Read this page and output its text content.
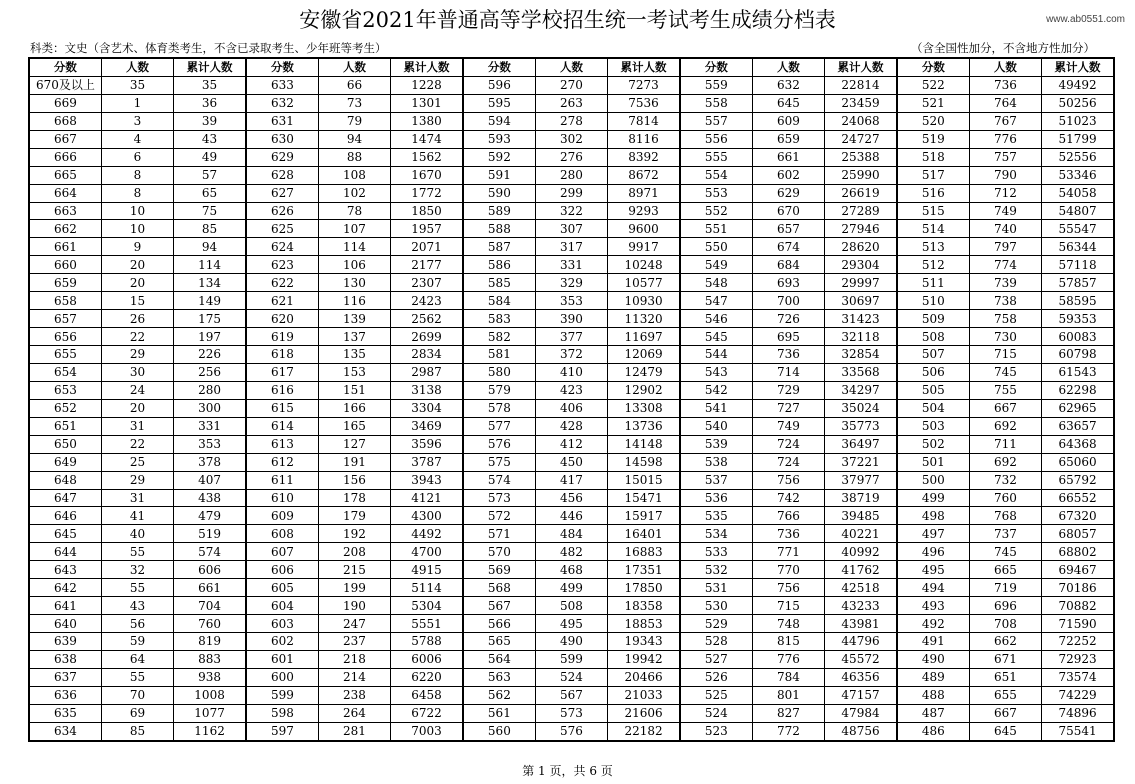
安徽省2021年普通高等学校招生统一考试考生成绩分档表	www.ab0551.com
科类：文史（含艺术、体育类考生，不含已录取考生、少年班等考生）	（含全国性加分，不含地方性加分）
分数	人数	累计人数	分数	人数	累计人数	分数	人数	累计人数	分数	人数	累计人数	分数	人数	累计人数
670及以上	35	35	633	66	1228	596	270	7273	559	632	22814	522	736	49492
669	1	36	632	73	1301	595	263	7536	558	645	23459	521	764	50256
668	3	39	631	79	1380	594	278	7814	557	609	24068	520	767	51023
667	4	43	630	94	1474	593	302	8116	556	659	24727	519	776	51799
666	6	49	629	88	1562	592	276	8392	555	661	25388	518	757	52556
665	8	57	628	108	1670	591	280	8672	554	602	25990	517	790	53346
664	8	65	627	102	1772	590	299	8971	553	629	26619	516	712	54058
663	10	75	626	78	1850	589	322	9293	552	670	27289	515	749	54807
662	10	85	625	107	1957	588	307	9600	551	657	27946	514	740	55547
661	9	94	624	114	2071	587	317	9917	550	674	28620	513	797	56344
660	20	114	623	106	2177	586	331	10248	549	684	29304	512	774	57118
659	20	134	622	130	2307	585	329	10577	548	693	29997	511	739	57857
658	15	149	621	116	2423	584	353	10930	547	700	30697	510	738	58595
657	26	175	620	139	2562	583	390	11320	546	726	31423	509	758	59353
656	22	197	619	137	2699	582	377	11697	545	695	32118	508	730	60083
655	29	226	618	135	2834	581	372	12069	544	736	32854	507	715	60798
654	30	256	617	153	2987	580	410	12479	543	714	33568	506	745	61543
653	24	280	616	151	3138	579	423	12902	542	729	34297	505	755	62298
652	20	300	615	166	3304	578	406	13308	541	727	35024	504	667	62965
651	31	331	614	165	3469	577	428	13736	540	749	35773	503	692	63657
650	22	353	613	127	3596	576	412	14148	539	724	36497	502	711	64368
649	25	378	612	191	3787	575	450	14598	538	724	37221	501	692	65060
648	29	407	611	156	3943	574	417	15015	537	756	37977	500	732	65792
647	31	438	610	178	4121	573	456	15471	536	742	38719	499	760	66552
646	41	479	609	179	4300	572	446	15917	535	766	39485	498	768	67320
645	40	519	608	192	4492	571	484	16401	534	736	40221	497	737	68057
644	55	574	607	208	4700	570	482	16883	533	771	40992	496	745	68802
643	32	606	606	215	4915	569	468	17351	532	770	41762	495	665	69467
642	55	661	605	199	5114	568	499	17850	531	756	42518	494	719	70186
641	43	704	604	190	5304	567	508	18358	530	715	43233	493	696	70882
640	56	760	603	247	5551	566	495	18853	529	748	43981	492	708	71590
639	59	819	602	237	5788	565	490	19343	528	815	44796	491	662	72252
638	64	883	601	218	6006	564	599	19942	527	776	45572	490	671	72923
637	55	938	600	214	6220	563	524	20466	526	784	46356	489	651	73574
636	70	1008	599	238	6458	562	567	21033	525	801	47157	488	655	74229
635	69	1077	598	264	6722	561	573	21606	524	827	47984	487	667	74896
634	85	1162	597	281	7003	560	576	22182	523	772	48756	486	645	75541
第 1 页，共 6 页
